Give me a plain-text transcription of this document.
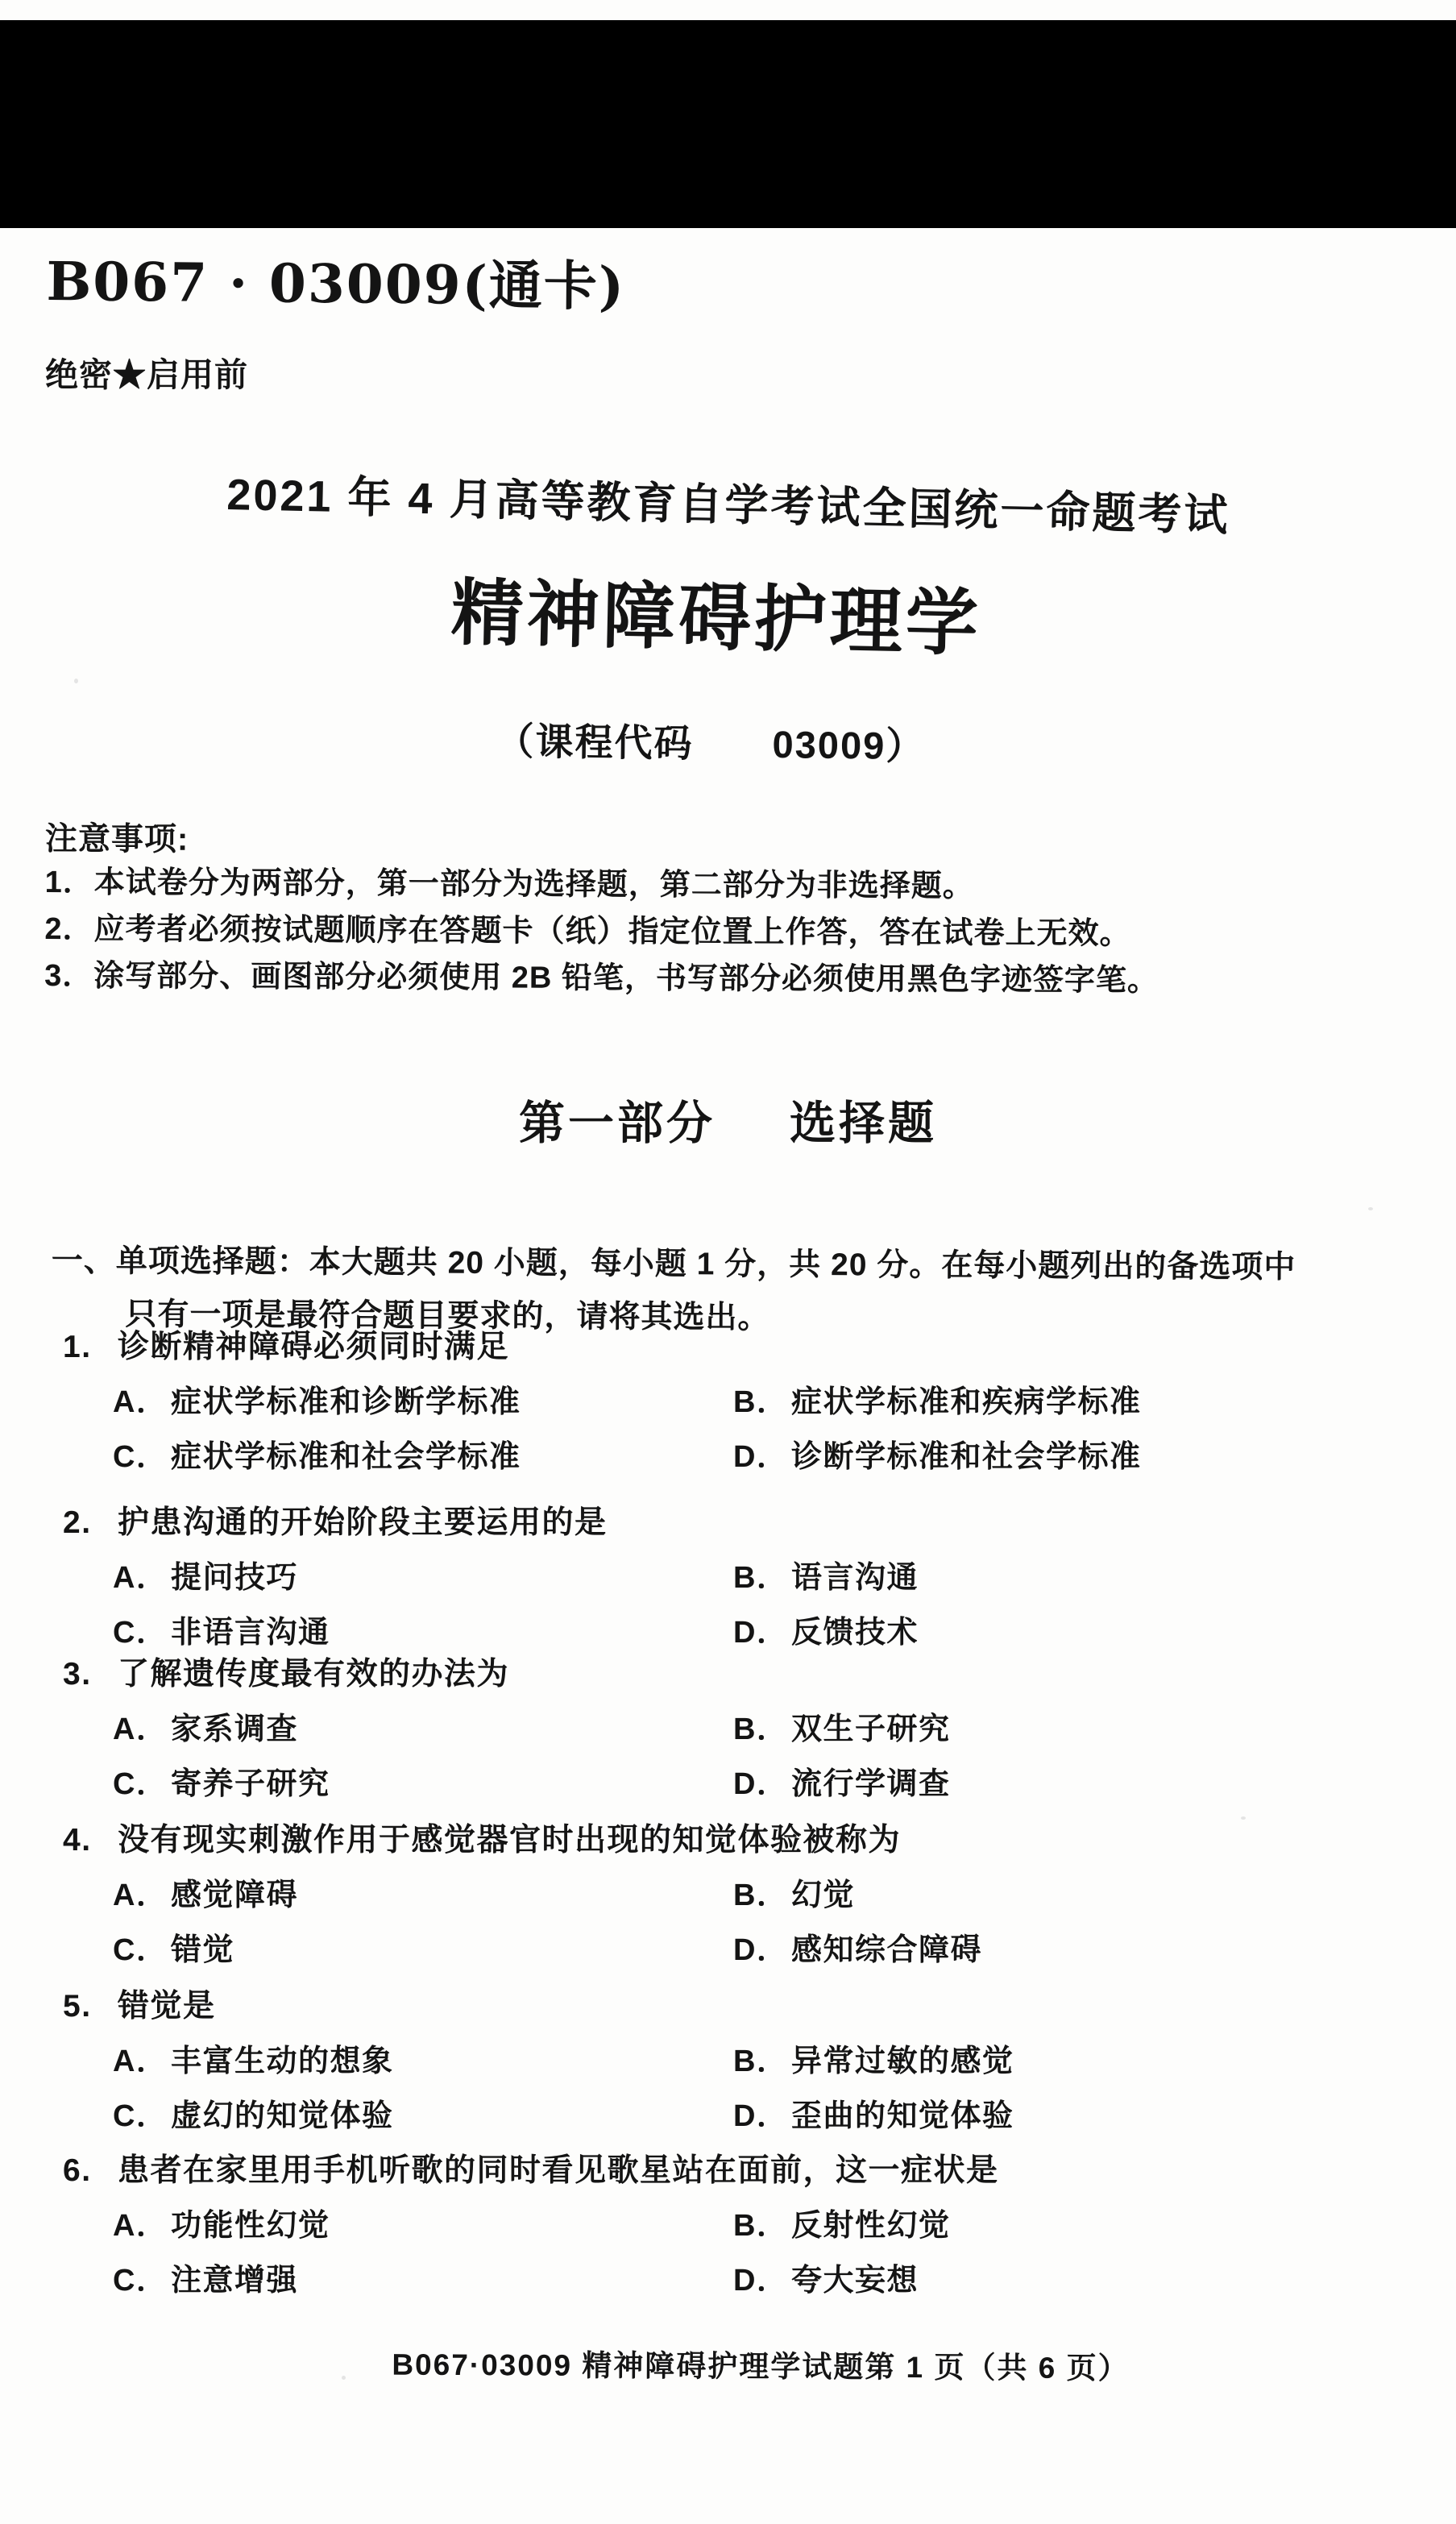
B067 · 03009(通卡)
绝密★启用前
2021 年 4 月高等教育自学考试全国统一命题考试
精神障碍护理学
（课程代码　　03009）
注意事项:
1．本试卷分为两部分，第一部分为选择题，第二部分为非选择题。
2．应考者必须按试题顺序在答题卡（纸）指定位置上作答，答在试卷上无效。
3．涂写部分、画图部分必须使用 2B 铅笔，书写部分必须使用黑色字迹签字笔。
第一部分 选择题
一、单项选择题：本大题共 20 小题，每小题 1 分，共 20 分。在每小题列出的备选项中
只有一项是最符合题目要求的，请将其选出。
1. 诊断精神障碍必须同时满足
A． 症状学标准和诊断学标准	B． 症状学标准和疾病学标准
C． 症状学标准和社会学标准	D． 诊断学标准和社会学标准
2. 护患沟通的开始阶段主要运用的是
A． 提问技巧	B． 语言沟通
C． 非语言沟通	D． 反馈技术
3. 了解遗传度最有效的办法为
A． 家系调查	B． 双生子研究
C． 寄养子研究	D． 流行学调查
4. 没有现实刺激作用于感觉器官时出现的知觉体验被称为
A． 感觉障碍	B． 幻觉
C． 错觉	D． 感知综合障碍
5. 错觉是
A． 丰富生动的想象	B． 异常过敏的感觉
C． 虚幻的知觉体验	D． 歪曲的知觉体验
6. 患者在家里用手机听歌的同时看见歌星站在面前，这一症状是
A． 功能性幻觉	B． 反射性幻觉
C． 注意增强	D． 夸大妄想
B067·03009 精神障碍护理学试题第 1 页（共 6 页）
